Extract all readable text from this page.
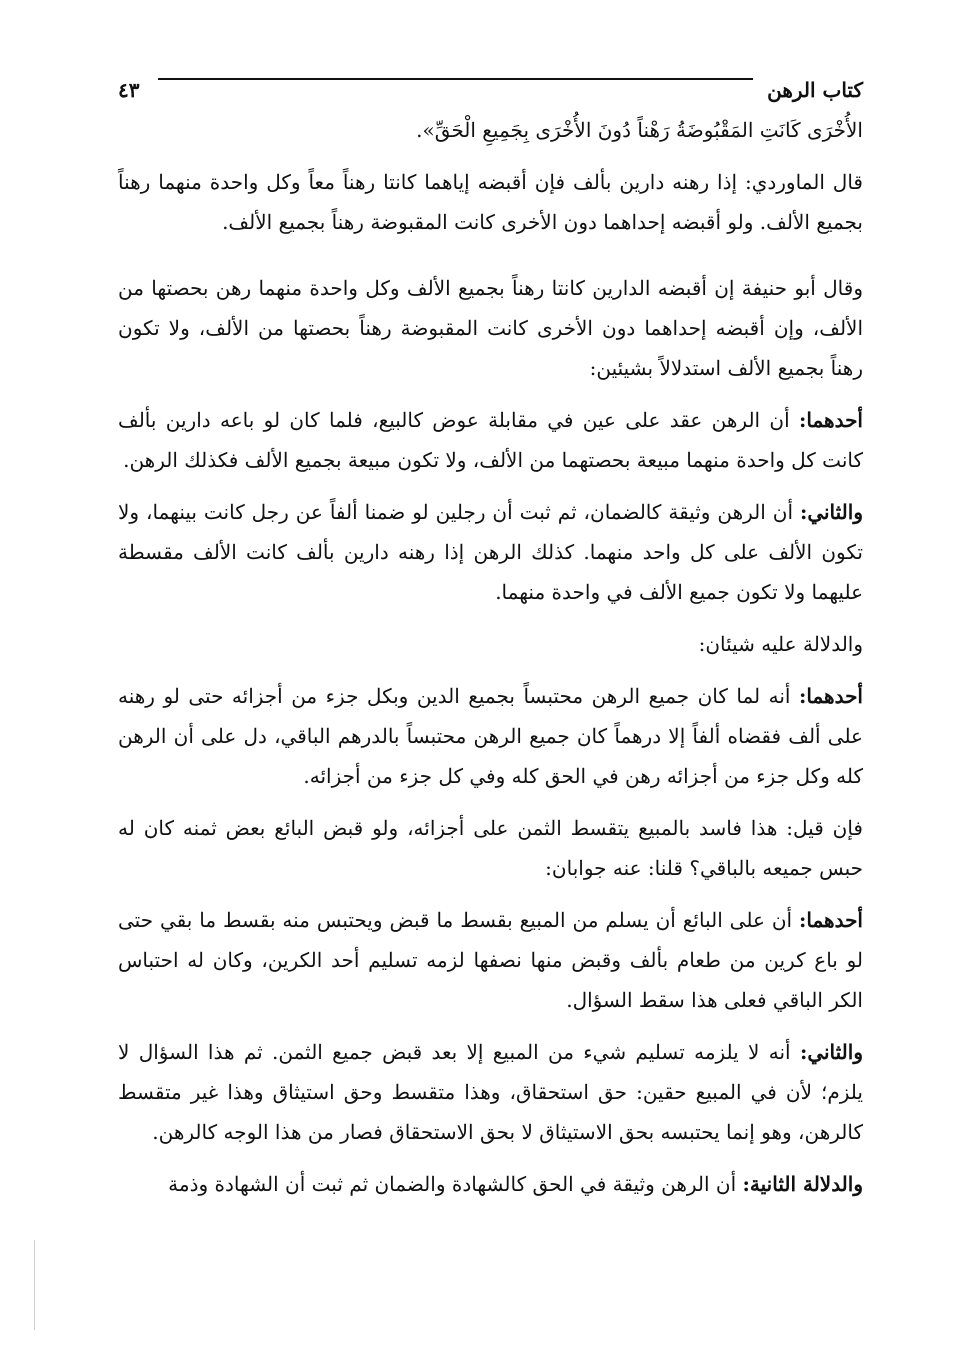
كتاب الرهن
٤٣

الأُخْرَى كَانَتِ المَقْبُوضَةُ رَهْناً دُونَ الأُخْرَى بِجَمِيعِ الْحَقِّ».

قال الماوردي: إذا رهنه دارين بألف فإن أقبضه إياهما كانتا رهناً معاً وكل واحدة منهما رهناً بجميع الألف. ولو أقبضه إحداهما دون الأخرى كانت المقبوضة رهناً بجميع الألف.

وقال أبو حنيفة إن أقبضه الدارين كانتا رهناً بجميع الألف وكل واحدة منهما رهن بحصتها من الألف، وإن أقبضه إحداهما دون الأخرى كانت المقبوضة رهناً بحصتها من الألف، ولا تكون رهناً بجميع الألف استدلالاً بشيئين:

أحدهما: أن الرهن عقد على عين في مقابلة عوض كالبيع، فلما كان لو باعه دارين بألف كانت كل واحدة منهما مبيعة بحصتهما من الألف، ولا تكون مبيعة بجميع الألف فكذلك الرهن.

والثاني: أن الرهن وثيقة كالضمان، ثم ثبت أن رجلين لو ضمنا ألفاً عن رجل كانت بينهما، ولا تكون الألف على كل واحد منهما. كذلك الرهن إذا رهنه دارين بألف كانت الألف مقسطة عليهما ولا تكون جميع الألف في واحدة منهما.

والدلالة عليه شيئان:

أحدهما: أنه لما كان جميع الرهن محتبساً بجميع الدين وبكل جزء من أجزائه حتى لو رهنه على ألف فقضاه ألفاً إلا درهماً كان جميع الرهن محتبساً بالدرهم الباقي، دل على أن الرهن كله وكل جزء من أجزائه رهن في الحق كله وفي كل جزء من أجزائه.

فإن قيل: هذا فاسد بالمبيع يتقسط الثمن على أجزائه، ولو قبض البائع بعض ثمنه كان له حبس جميعه بالباقي؟ قلنا: عنه جوابان:

أحدهما: أن على البائع أن يسلم من المبيع بقسط ما قبض ويحتبس منه بقسط ما بقي حتى لو باع كرين من طعام بألف وقبض منها نصفها لزمه تسليم أحد الكرين، وكان له احتباس الكر الباقي فعلى هذا سقط السؤال.

والثاني: أنه لا يلزمه تسليم شيء من المبيع إلا بعد قبض جميع الثمن. ثم هذا السؤال لا يلزم؛ لأن في المبيع حقين: حق استحقاق، وهذا متقسط وحق استيثاق وهذا غير متقسط كالرهن، وهو إنما يحتبسه بحق الاستيثاق لا بحق الاستحقاق فصار من هذا الوجه كالرهن.

والدلالة الثانية: أن الرهن وثيقة في الحق كالشهادة والضمان ثم ثبت أن الشهادة وذمة
